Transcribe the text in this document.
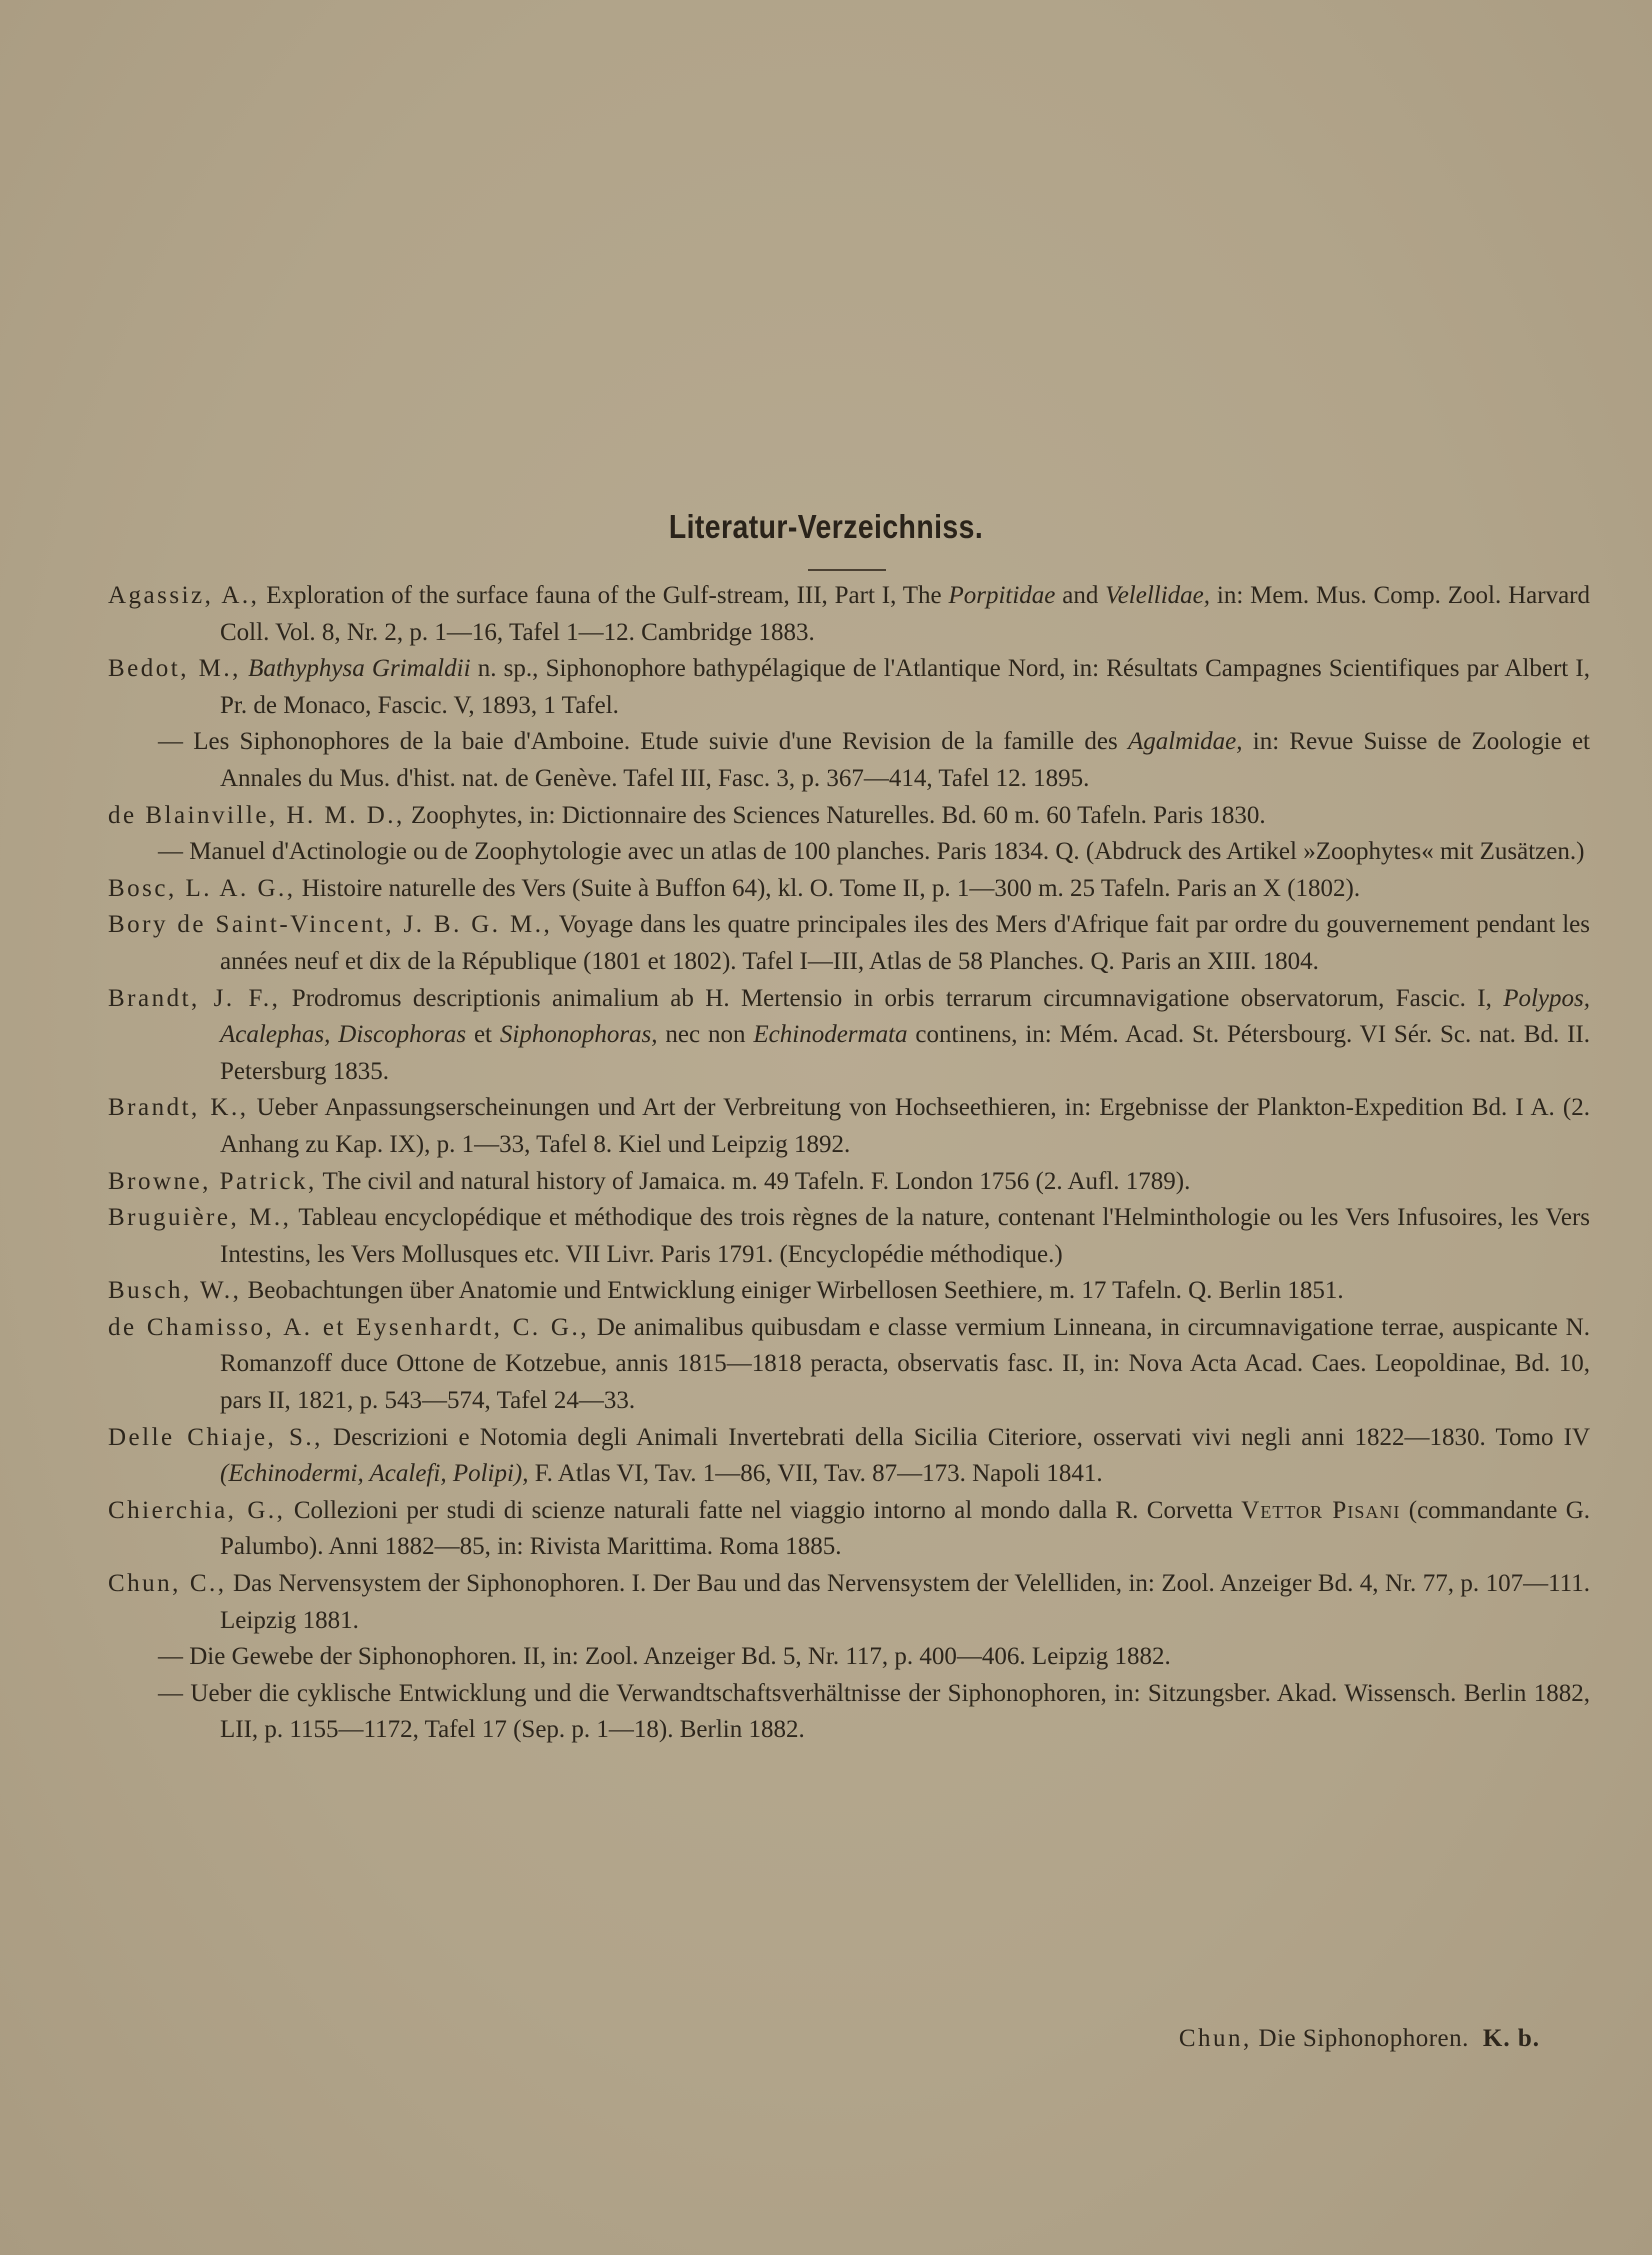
Literatur-Verzeichniss.
Agassiz, A., Exploration of the surface fauna of the Gulf-stream, III, Part I, The Porpitidae and Velellidae, in: Mem. Mus. Comp. Zool. Harvard Coll. Vol. 8, Nr. 2, p. 1—16, Tafel 1—12. Cambridge 1883.
Bedot, M., Bathyphysa Grimaldii n. sp., Siphonophore bathypélagique de l'Atlantique Nord, in: Résultats Campagnes Scientifiques par Albert I, Pr. de Monaco, Fascic. V, 1893, 1 Tafel.
— Les Siphonophores de la baie d'Amboine. Etude suivie d'une Revision de la famille des Agalmidae, in: Revue Suisse de Zoologie et Annales du Mus. d'hist. nat. de Genève. Tafel III, Fasc. 3, p. 367—414, Tafel 12. 1895.
de Blainville, H. M. D., Zoophytes, in: Dictionnaire des Sciences Naturelles. Bd. 60 m. 60 Tafeln. Paris 1830.
— Manuel d'Actinologie ou de Zoophytologie avec un atlas de 100 planches. Paris 1834. Q. (Abdruck des Artikel »Zoophytes« mit Zusätzen.)
Bosc, L. A. G., Histoire naturelle des Vers (Suite à Buffon 64), kl. O. Tome II, p. 1—300 m. 25 Tafeln. Paris an X (1802).
Bory de Saint-Vincent, J. B. G. M., Voyage dans les quatre principales iles des Mers d'Afrique fait par ordre du gouvernement pendant les années neuf et dix de la République (1801 et 1802). Tafel I—III, Atlas de 58 Planches. Q. Paris an XIII. 1804.
Brandt, J. F., Prodromus descriptionis animalium ab H. Mertensio in orbis terrarum circumnavigatione observatorum, Fascic. I, Polypos, Acalephas, Discophoras et Siphonophoras, nec non Echinodermata continens, in: Mém. Acad. St. Pétersbourg. VI Sér. Sc. nat. Bd. II. Petersburg 1835.
Brandt, K., Ueber Anpassungserscheinungen und Art der Verbreitung von Hochseethieren, in: Ergebnisse der Plankton-Expedition Bd. I A. (2. Anhang zu Kap. IX), p. 1—33, Tafel 8. Kiel und Leipzig 1892.
Browne, Patrick, The civil and natural history of Jamaica. m. 49 Tafeln. F. London 1756 (2. Aufl. 1789).
Bruguière, M., Tableau encyclopédique et méthodique des trois règnes de la nature, contenant l'Helminthologie ou les Vers Infusoires, les Vers Intestins, les Vers Mollusques etc. VII Livr. Paris 1791. (Encyclopédie méthodique.)
Busch, W., Beobachtungen über Anatomie und Entwicklung einiger Wirbellosen Seethiere, m. 17 Tafeln. Q. Berlin 1851.
de Chamisso, A. et Eysenhardt, C. G., De animalibus quibusdam e classe vermium Linneana, in circumnavigatione terrae, auspicante N. Romanzoff duce Ottone de Kotzebue, annis 1815—1818 peracta, observatis fasc. II, in: Nova Acta Acad. Caes. Leopoldinae, Bd. 10, pars II, 1821, p. 543—574, Tafel 24—33.
Delle Chiaje, S., Descrizioni e Notomia degli Animali Invertebrati della Sicilia Citeriore, osservati vivi negli anni 1822—1830. Tomo IV (Echinodermi, Acalefi, Polipi), F. Atlas VI, Tav. 1—86, VII, Tav. 87—173. Napoli 1841.
Chierchia, G., Collezioni per studi di scienze naturali fatte nel viaggio intorno al mondo dalla R. Corvetta Vettor Pisani (commandante G. Palumbo). Anni 1882—85, in: Rivista Marittima. Roma 1885.
Chun, C., Das Nervensystem der Siphonophoren. I. Der Bau und das Nervensystem der Velelliden, in: Zool. Anzeiger Bd. 4, Nr. 77, p. 107—111. Leipzig 1881.
— Die Gewebe der Siphonophoren. II, in: Zool. Anzeiger Bd. 5, Nr. 117, p. 400—406. Leipzig 1882.
— Ueber die cyklische Entwicklung und die Verwandtschaftsverhältnisse der Siphonophoren, in: Sitzungsber. Akad. Wissensch. Berlin 1882, LII, p. 1155—1172, Tafel 17 (Sep. p. 1—18). Berlin 1882.
Chun, Die Siphonophoren. K. b.
